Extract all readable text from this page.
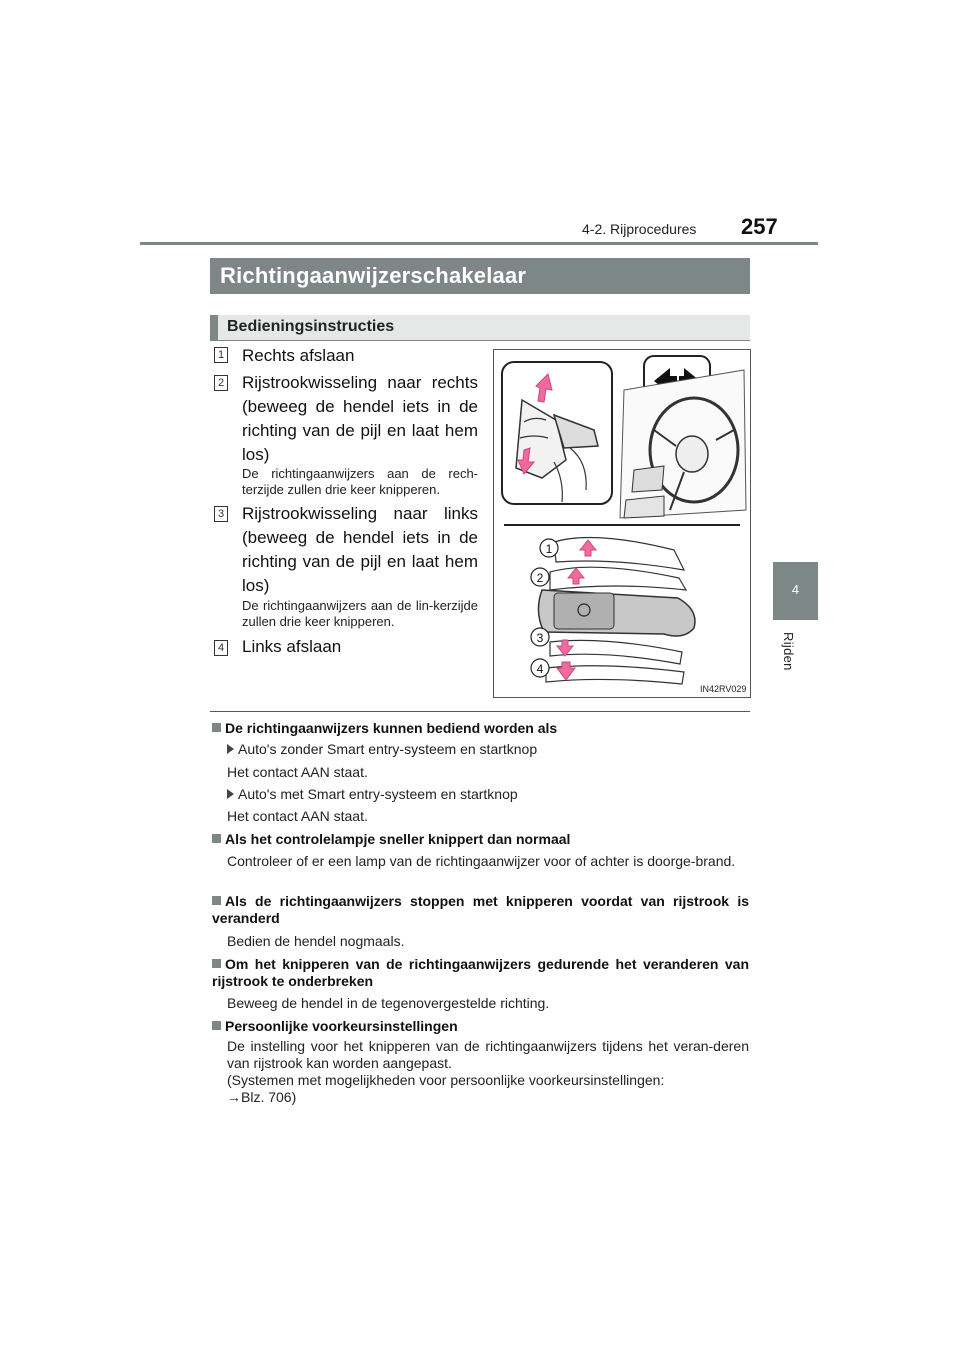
4-2. Rijprocedures 257
4
Rijden
Richtingaanwijzerschakelaar
Bedieningsinstructies
1 Rechts afslaan
2 Rijstrookwisseling naar rechts (beweeg de hendel iets in de richting van de pijl en laat hem los)
De richtingaanwijzers aan de rech-terzijde zullen drie keer knipperen.
3 Rijstrookwisseling naar links (beweeg de hendel iets in de richting van de pijl en laat hem los)
De richtingaanwijzers aan de lin-kerzijde zullen drie keer knipperen.
4 Links afslaan
1
2
3
4
IN42RV029
De richtingaanwijzers kunnen bediend worden als
Auto's zonder Smart entry-systeem en startknop
Het contact AAN staat.
Auto's met Smart entry-systeem en startknop
Het contact AAN staat.
Als het controlelampje sneller knippert dan normaal
Controleer of er een lamp van de richtingaanwijzer voor of achter is doorge-brand.
Als de richtingaanwijzers stoppen met knipperen voordat van rijstrook is veranderd
Bedien de hendel nogmaals.
Om het knipperen van de richtingaanwijzers gedurende het veranderen van rijstrook te onderbreken
Beweeg de hendel in de tegenovergestelde richting.
Persoonlijke voorkeursinstellingen
De instelling voor het knipperen van de richtingaanwijzers tijdens het veran-deren van rijstrook kan worden aangepast.
(Systemen met mogelijkheden voor persoonlijke voorkeursinstellingen:
→Blz. 706)
